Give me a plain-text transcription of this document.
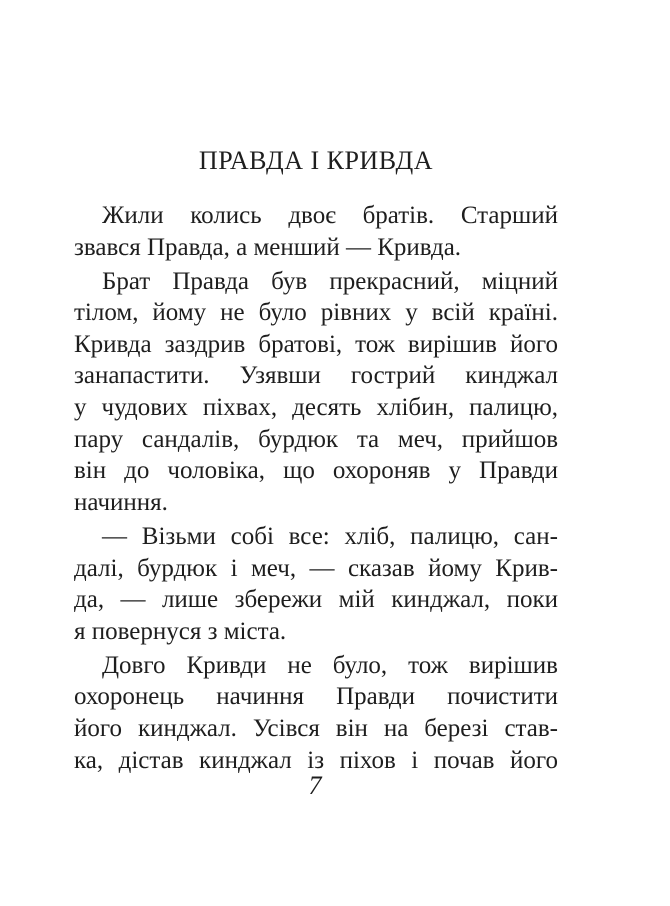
ПРАВДА І КРИВДА
Жили колись двоє братів. Старший
звався Правда, а менший — Кривда.
Брат Правда був прекрасний, міцний
тілом, йому не було рівних у всій країні.
Кривда заздрив братові, тож вирішив його
занапастити. Узявши гострий кинджал
у чудових піхвах, десять хлібин, палицю,
пару сандалів, бурдюк та меч, прийшов
він до чоловіка, що охороняв у Правди
начиння.
— Візьми собі все: хліб, палицю, сан-
далі, бурдюк і меч, — сказав йому Крив-
да, — лише збережи мій кинджал, поки
я повернуся з міста.
Довго Кривди не було, тож вирішив
охоронець начиння Правди почистити
його кинджал. Усівся він на березі став-
ка, дістав кинджал із піхов і почав його
7
